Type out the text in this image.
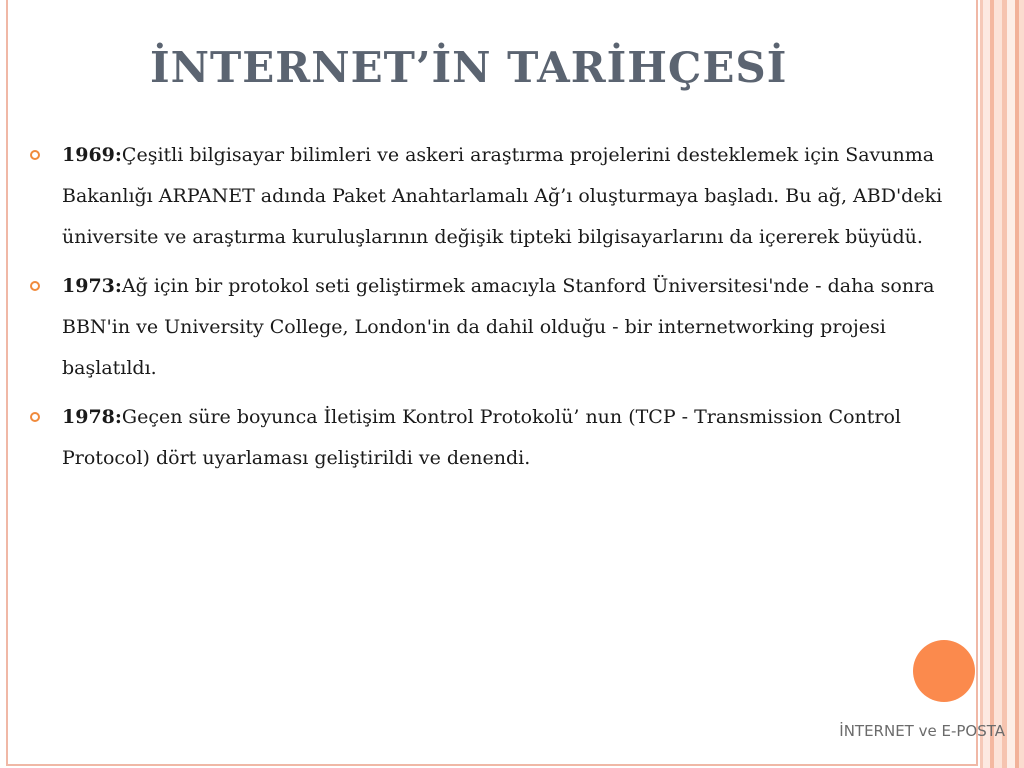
İNTERNET’İN TARİHÇESİ
1969:Çeşitli bilgisayar bilimleri ve askeri araştırma projelerini desteklemek için Savunma Bakanlığı ARPANET adında Paket Anahtarlamalı Ağ’ı oluşturmaya başladı. Bu ağ, ABD'deki üniversite ve araştırma kuruluşlarının değişik tipteki bilgisayarlarını da içererek büyüdü.
1973:Ağ için bir protokol seti geliştirmek amacıyla Stanford Üniversitesi'nde - daha sonra BBN'in ve University College, London'in da dahil olduğu - bir internetworking projesi başlatıldı.
1978:Geçen süre boyunca İletişim Kontrol Protokolü’ nun (TCP - Transmission Control Protocol) dört uyarlaması geliştirildi ve denendi.
İNTERNET ve E-POSTA
